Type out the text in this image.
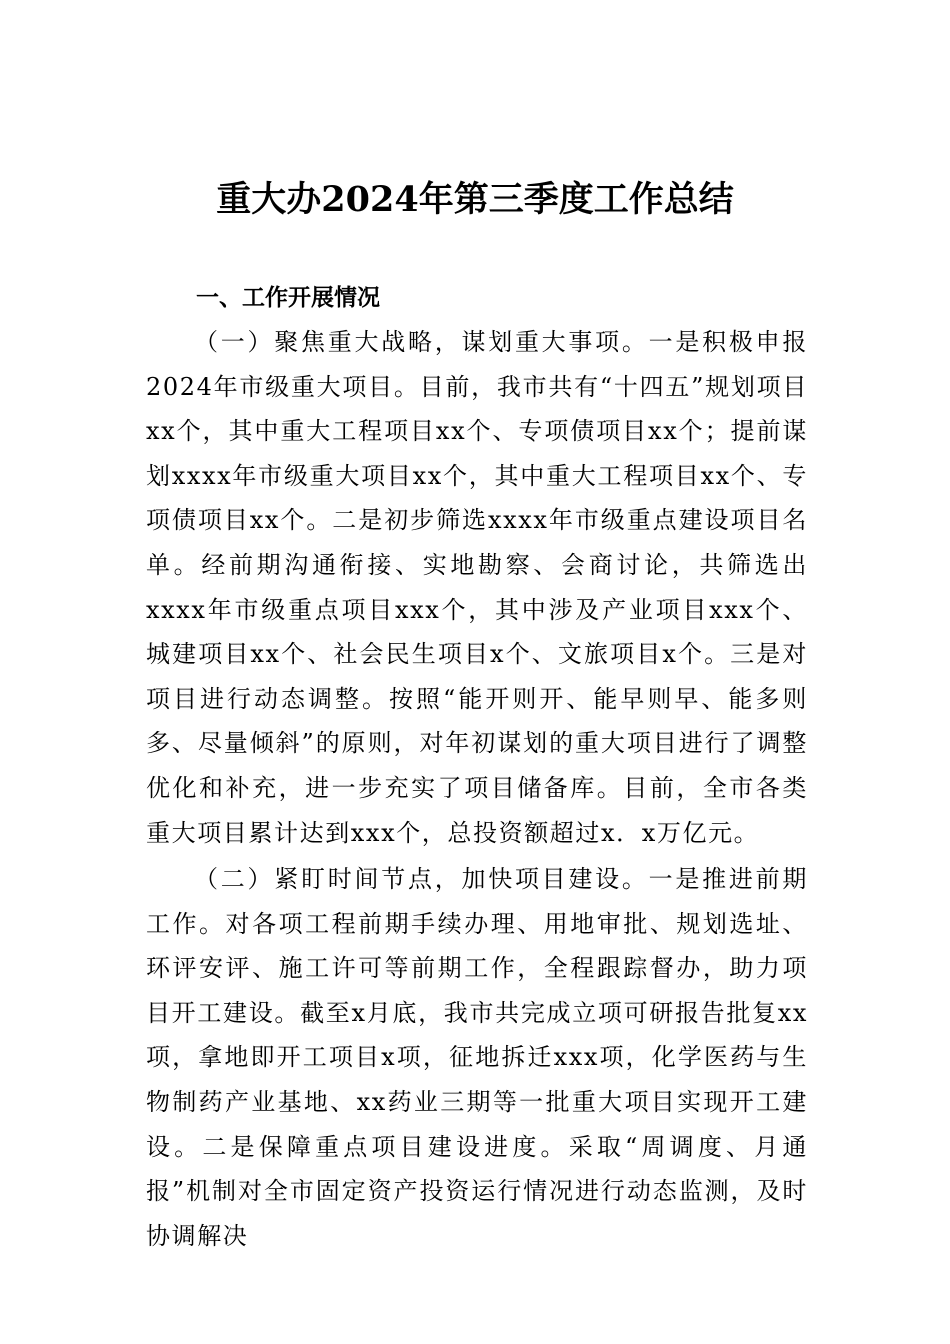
重大办2024年第三季度工作总结
一、工作开展情况

（一）聚焦重大战略，谋划重大事项。一是积极申报2024年市级重大项目。目前，我市共有“十四五”规划项目xx个，其中重大工程项目xx个、专项债项目xx个；提前谋划xxxx年市级重大项目xx个，其中重大工程项目xx个、专项债项目xx个。二是初步筛选xxxx年市级重点建设项目名单。经前期沟通衔接、实地勘察、会商讨论，共筛选出xxxx年市级重点项目xxx个，其中涉及产业项目xxx个、城建项目xx个、社会民生项目x个、文旅项目x个。三是对项目进行动态调整。按照“能开则开、能早则早、能多则多、尽量倾斜”的原则，对年初谋划的重大项目进行了调整优化和补充，进一步充实了项目储备库。目前，全市各类重大项目累计达到xxx个，总投资额超过x．x万亿元。

（二）紧盯时间节点，加快项目建设。一是推进前期工作。对各项工程前期手续办理、用地审批、规划选址、环评安评、施工许可等前期工作，全程跟踪督办，助力项目开工建设。截至x月底，我市共完成立项可研报告批复xx项，拿地即开工项目x项，征地拆迁xxx项，化学医药与生物制药产业基地、xx药业三期等一批重大项目实现开工建设。二是保障重点项目建设进度。采取“周调度、月通报”机制对全市固定资产投资运行情况进行动态监测，及时协调解决
